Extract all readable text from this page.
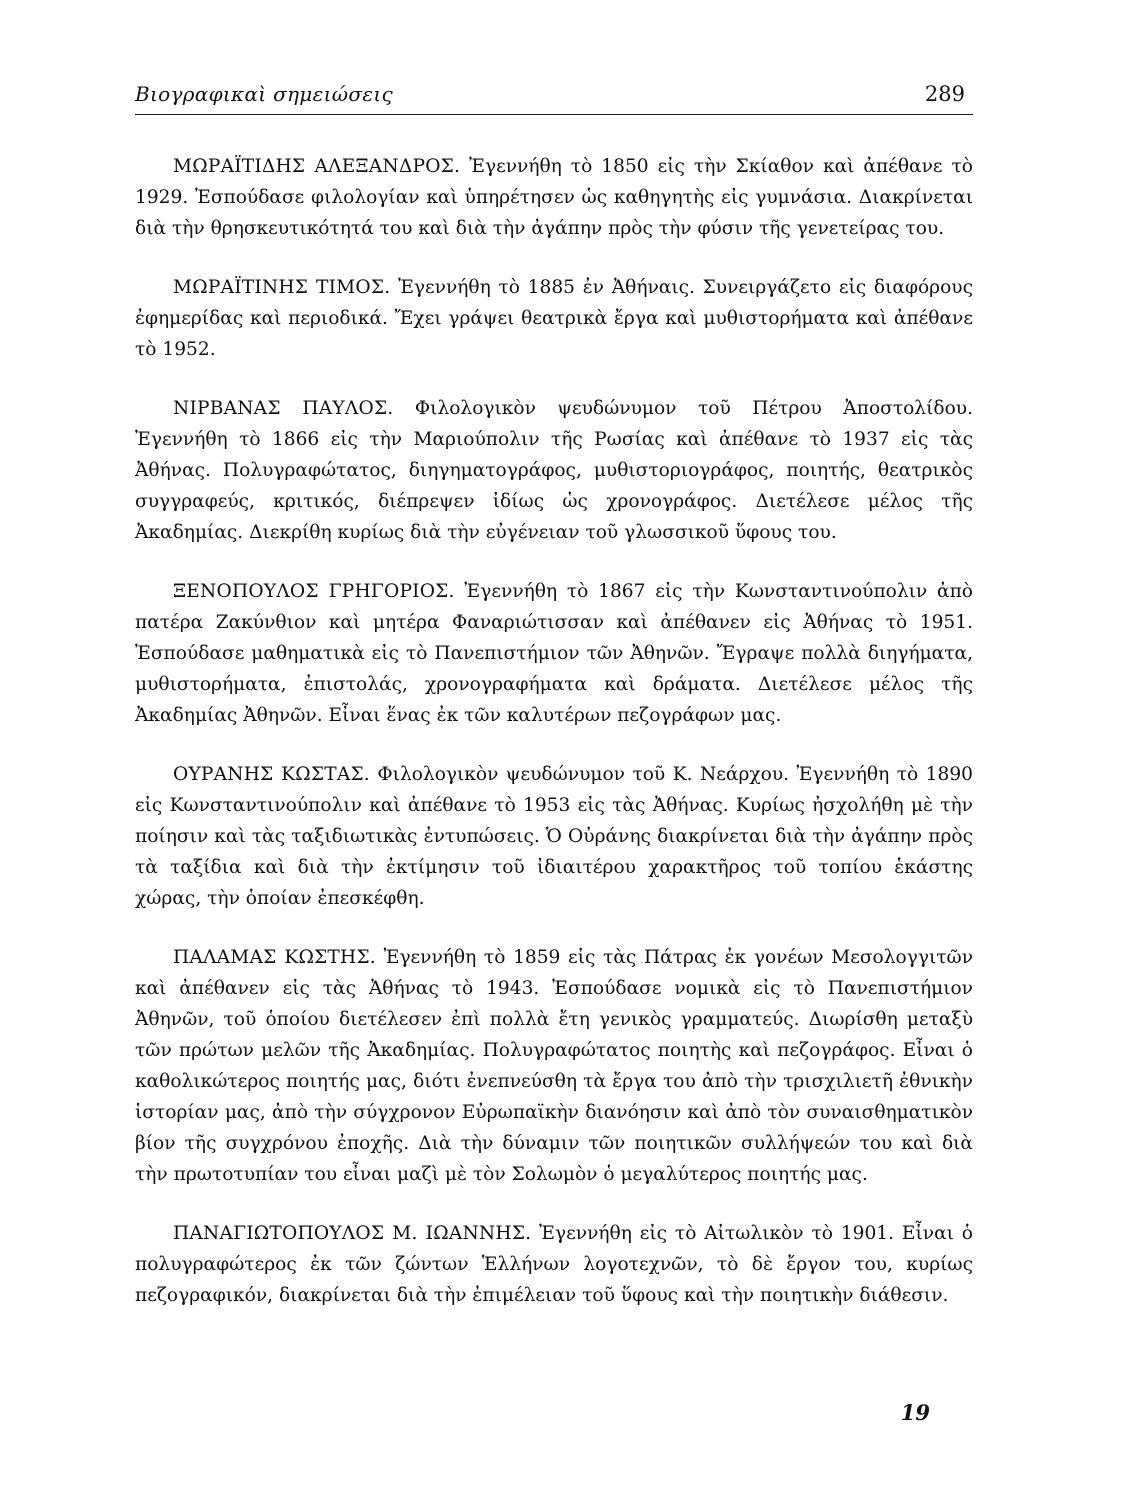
Βιογραφικαὶ σημειώσεις	289

ΜΩΡΑΪΤΙΔΗΣ ΑΛΕΞΑΝΔΡΟΣ. Ἐγεννήθη τὸ 1850 εἰς τὴν Σκίαθον καὶ ἀπέθανε τὸ 1929. Ἐσπούδασε φιλολογίαν καὶ ὑπηρέτησεν ὡς καθηγητὴς εἰς γυμνάσια. Διακρίνεται διὰ τὴν θρησκευτικότητά του καὶ διὰ τὴν ἀγάπην πρὸς τὴν φύσιν τῆς γενετείρας του.

ΜΩΡΑΪΤΙΝΗΣ ΤΙΜΟΣ. Ἐγεννήθη τὸ 1885 ἐν Ἀθήναις. Συνειργάζετο εἰς διαφόρους ἐφημερίδας καὶ περιοδικά. Ἔχει γράψει θεατρικὰ ἔργα καὶ μυθιστορήματα καὶ ἀπέθανε τὸ 1952.

ΝΙΡΒΑΝΑΣ ΠΑΥΛΟΣ. Φιλολογικὸν ψευδώνυμον τοῦ Πέτρου Ἀποστολίδου. Ἐγεννήθη τὸ 1866 εἰς τὴν Μαριούπολιν τῆς Ρωσίας καὶ ἀπέθανε τὸ 1937 εἰς τὰς Ἀθήνας. Πολυγραφώτατος, διηγηματογράφος, μυθιστοριογράφος, ποιητής, θεατρικὸς συγγραφεύς, κριτικός, διέπρεψεν ἰδίως ὡς χρονογράφος. Διετέλεσε μέλος τῆς Ἀκαδημίας. Διεκρίθη κυρίως διὰ τὴν εὐγένειαν τοῦ γλωσσικοῦ ὕφους του.

ΞΕΝΟΠΟΥΛΟΣ ΓΡΗΓΟΡΙΟΣ. Ἐγεννήθη τὸ 1867 εἰς τὴν Κωνσταντινούπολιν ἀπὸ πατέρα Ζακύνθιον καὶ μητέρα Φαναριώτισσαν καὶ ἀπέθανεν εἰς Ἀθήνας τὸ 1951. Ἐσπούδασε μαθηματικὰ εἰς τὸ Πανεπιστήμιον τῶν Ἀθηνῶν. Ἔγραψε πολλὰ διηγήματα, μυθιστορήματα, ἐπιστολάς, χρονογραφήματα καὶ δράματα. Διετέλεσε μέλος τῆς Ἀκαδημίας Ἀθηνῶν. Εἶναι ἕνας ἐκ τῶν καλυτέρων πεζογράφων μας.

ΟΥΡΑΝΗΣ ΚΩΣΤΑΣ. Φιλολογικὸν ψευδώνυμον τοῦ Κ. Νεάρχου. Ἐγεννήθη τὸ 1890 εἰς Κωνσταντινούπολιν καὶ ἀπέθανε τὸ 1953 εἰς τὰς Ἀθήνας. Κυρίως ἠσχολήθη μὲ τὴν ποίησιν καὶ τὰς ταξιδιωτικὰς ἐντυπώσεις. Ὁ Οὐράνης διακρίνεται διὰ τὴν ἀγάπην πρὸς τὰ ταξίδια καὶ διὰ τὴν ἐκτίμησιν τοῦ ἰδιαιτέρου χαρακτῆρος τοῦ τοπίου ἑκάστης χώρας, τὴν ὁποίαν ἐπεσκέφθη.

ΠΑΛΑΜΑΣ ΚΩΣΤΗΣ. Ἐγεννήθη τὸ 1859 εἰς τὰς Πάτρας ἐκ γονέων Μεσολογγιτῶν καὶ ἀπέθανεν εἰς τὰς Ἀθήνας τὸ 1943. Ἐσπούδασε νομικὰ εἰς τὸ Πανεπιστήμιον Ἀθηνῶν, τοῦ ὁποίου διετέλεσεν ἐπὶ πολλὰ ἔτη γενικὸς γραμματεύς. Διωρίσθη μεταξὺ τῶν πρώτων μελῶν τῆς Ἀκαδημίας. Πολυγραφώτατος ποιητὴς καὶ πεζογράφος. Εἶναι ὁ καθολικώτερος ποιητής μας, διότι ἐνεπνεύσθη τὰ ἔργα του ἀπὸ τὴν τρισχιλιετῆ ἐθνικὴν ἱστορίαν μας, ἀπὸ τὴν σύγχρονον Εὐρωπαϊκὴν διανόησιν καὶ ἀπὸ τὸν συναισθηματικὸν βίον τῆς συγχρόνου ἐποχῆς. Διὰ τὴν δύναμιν τῶν ποιητικῶν συλλήψεών του καὶ διὰ τὴν πρωτοτυπίαν του εἶναι μαζὶ μὲ τὸν Σολωμὸν ὁ μεγαλύτερος ποιητής μας.

ΠΑΝΑΓΙΩΤΟΠΟΥΛΟΣ Μ. ΙΩΑΝΝΗΣ. Ἐγεννήθη εἰς τὸ Αἰτωλικὸν τὸ 1901. Εἶναι ὁ πολυγραφώτερος ἐκ τῶν ζώντων Ἑλλήνων λογοτεχνῶν, τὸ δὲ ἔργον του, κυρίως πεζογραφικόν, διακρίνεται διὰ τὴν ἐπιμέλειαν τοῦ ὕφους καὶ τὴν ποιητικὴν διάθεσιν.

19
